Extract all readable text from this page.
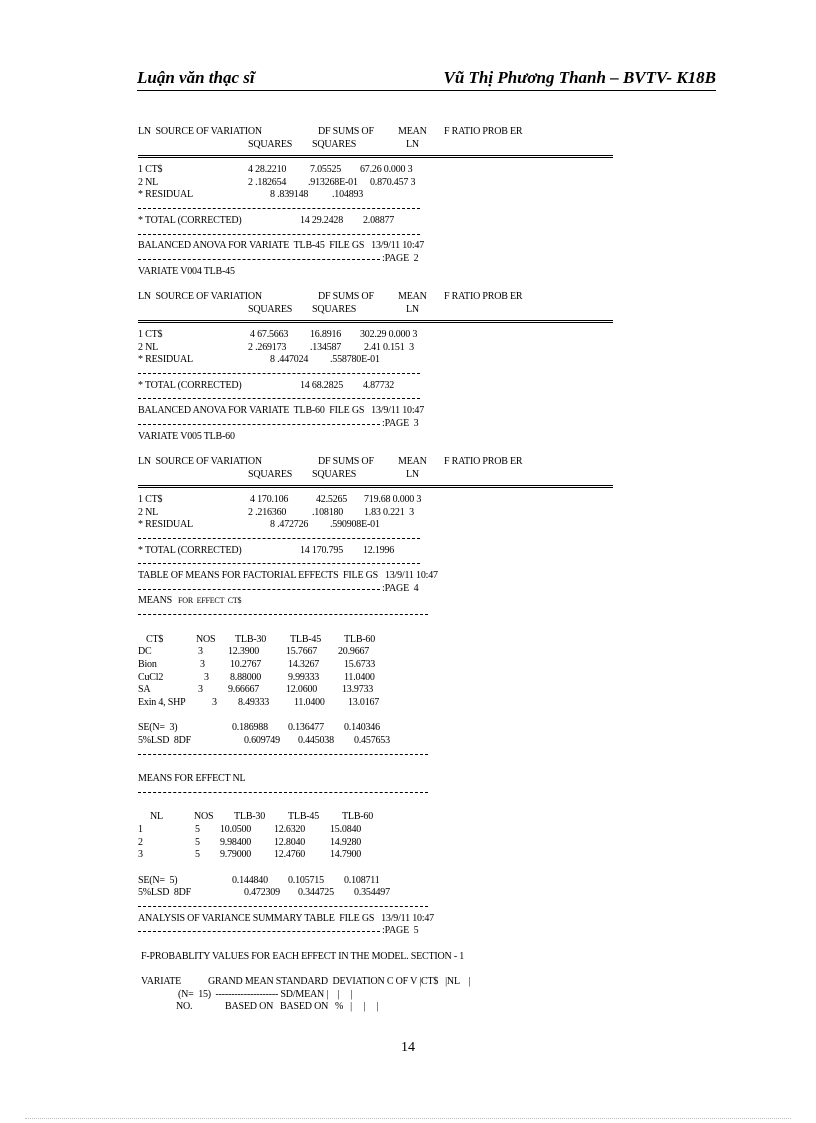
Luận văn thạc sĩ	Vũ Thị Phương Thanh – BVTV- K18B
LN  SOURCE OF VARIATION	DF SUMS OF MEAN F RATIO PROB ER
SQUARES SQUARES	LN
1 CT$	4 28.2210 7.05525 67.26 0.000 3
2 NL	2 .182654 .913268E-01 0.870.457 3
* RESIDUAL	8 .839148 .104893
* TOTAL (CORRECTED)	14 29.2428 2.08877
BALANCED ANOVA FOR VARIATE  TLB-45  FILE GS   13/9/11 10:47
:PAGE  2
VARIATE V004 TLB-45
LN  SOURCE OF VARIATION	DF SUMS OF MEAN F RATIO PROB ER
SQUARES SQUARES	LN
1 CT$	4 67.5663 16.8916 302.29 0.000 3
2 NL	2 .269173 .134587 2.41 0.151  3
* RESIDUAL	8 .447024 .558780E-01
* TOTAL (CORRECTED)	14 68.2825 4.87732
BALANCED ANOVA FOR VARIATE  TLB-60  FILE GS   13/9/11 10:47
:PAGE  3
VARIATE V005 TLB-60
LN  SOURCE OF VARIATION	DF SUMS OF MEAN F RATIO PROB ER
SQUARES SQUARES	LN
1 CT$	4 170.106	42.5265 719.68 0.000 3
2 NL	2 .216360	.108180 1.83 0.221  3
* RESIDUAL	8 .472726 .590908E-01
* TOTAL (CORRECTED)	14 170.795 12.1996
TABLE OF MEANS FOR FACTORIAL EFFECTS  FILE GS   13/9/11 10:47
:PAGE  4
MEANS FOR  EFFECT  CT$
CT$	NOS TLB-30 TLB-45 TLB-60
DC	3	12.3900	15.7667 20.9667
Bion	3	10.2767	14.3267 15.6733
CuCl2	3 8.88000	9.99333 11.0400
SA	3	9.66667	12.0600 13.9733
Exin 4, SHP	3 8.49333 11.0400 13.0167
SE(N=  3)	0.186988 0.136477 0.140346
5%LSD  8DF	0.609749 0.445038 0.457653
MEANS FOR EFFECT NL
NL	NOS TLB-30 TLB-45 TLB-60
1	5 10.0500 12.6320 15.0840
2	5 9.98400 12.8040 14.9280
3	5 9.79000 12.4760 14.7900
SE(N=  5)	0.144840 0.105715 0.108711
5%LSD  8DF	0.472309 0.344725 0.354497
ANALYSIS OF VARIANCE SUMMARY TABLE  FILE GS   13/9/11 10:47
:PAGE  5
F-PROBABLITY VALUES FOR EACH EFFECT IN THE MODEL. SECTION - 1
VARIATE	GRAND MEAN STANDARD  DEVIATION C OF V |CT$   |NL    |
(N=  15)  -------------------- SD/MEAN |    |     |
NO.	BASED ON   BASED ON   %   |     |     |
14
